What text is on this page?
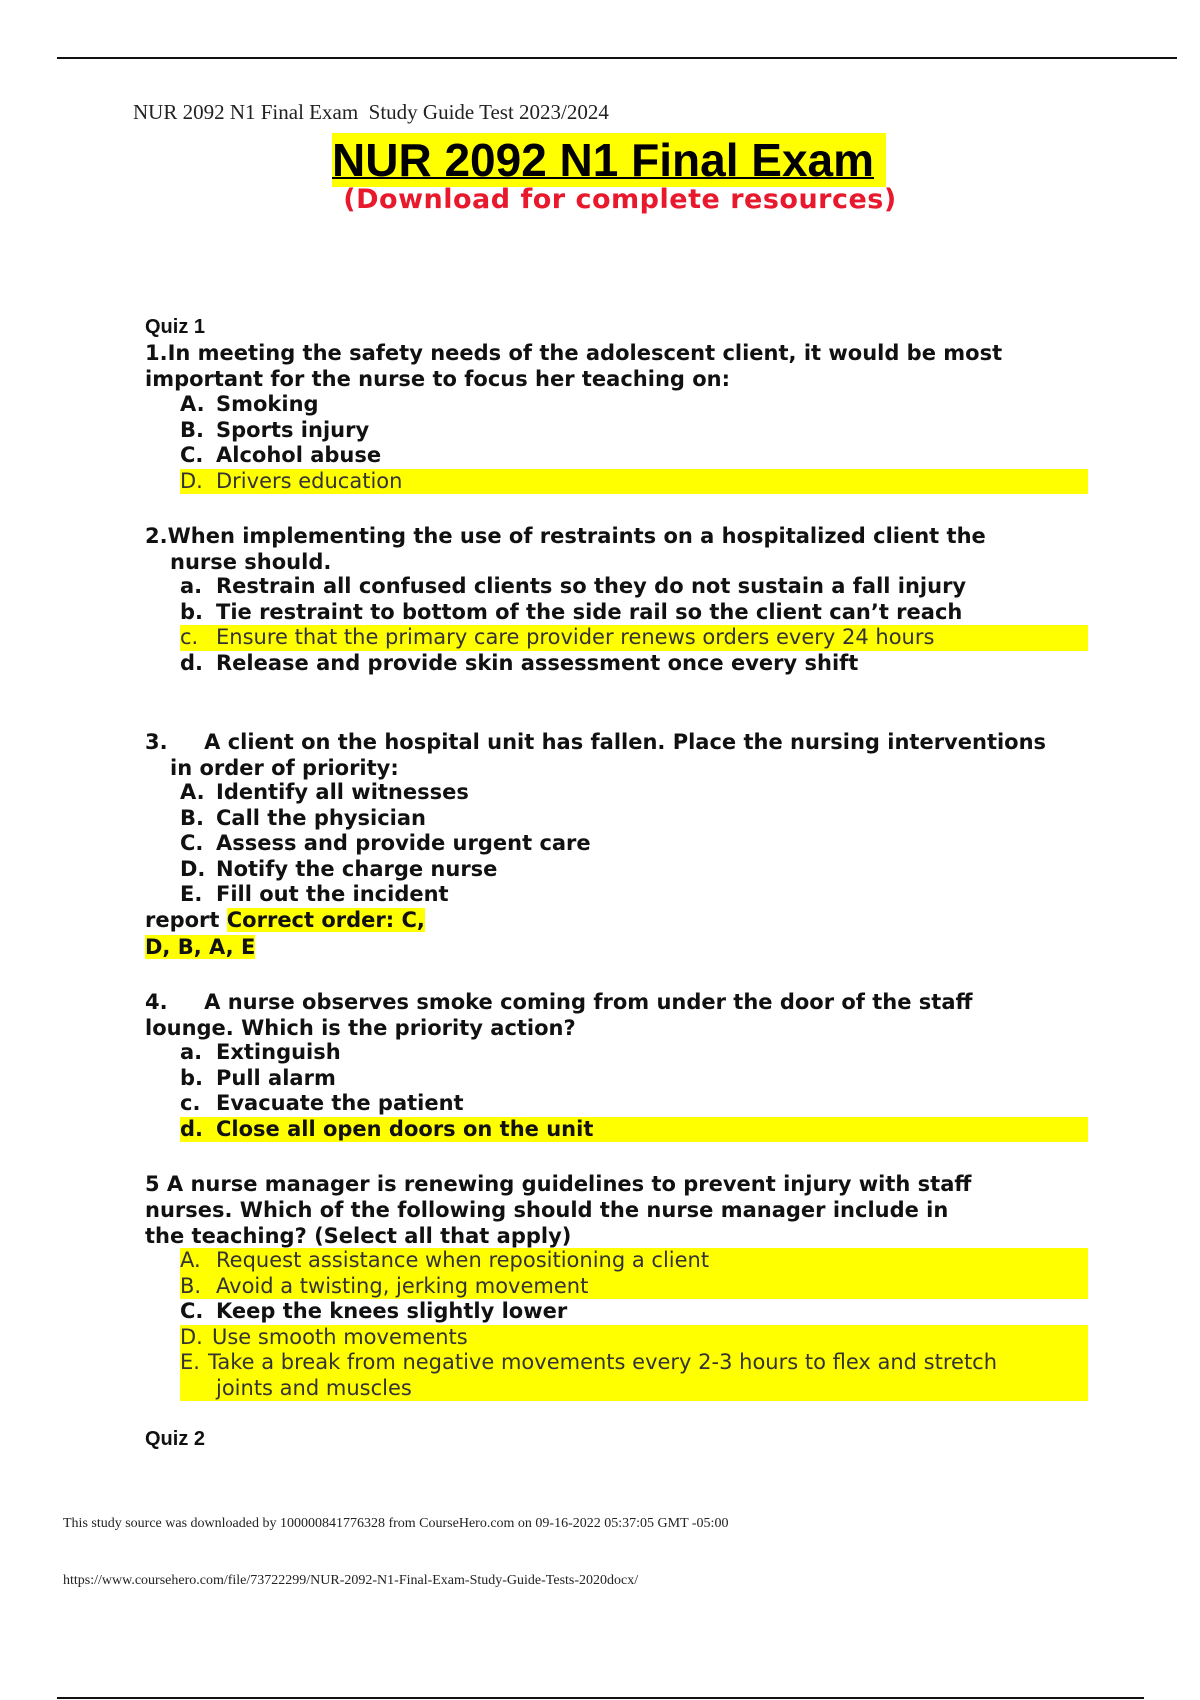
NUR 2092 N1 Final Exam  Study Guide Test 2023/2024
NUR 2092 N1 Final Exam
(Download for complete resources)
Quiz 1
1.In meeting the safety needs of the adolescent client, it would be most
important for the nurse to focus her teaching on:
A. Smoking
B. Sports injury
C. Alcohol abuse
D. Drivers education
2.When implementing the use of restraints on a hospitalized client the
nurse should.
a. Restrain all confused clients so they do not sustain a fall injury
b. Tie restraint to bottom of the side rail so the client can’t reach
c. Ensure that the primary care provider renews orders every 24 hours
d. Release and provide skin assessment once every shift
3.     A client on the hospital unit has fallen. Place the nursing interventions
in order of priority:
A. Identify all witnesses
B. Call the physician
C. Assess and provide urgent care
D. Notify the charge nurse
E. Fill out the incident
report Correct order: C,
D, B, A, E
4.     A nurse observes smoke coming from under the door of the staff
lounge. Which is the priority action?
a. Extinguish
b. Pull alarm
c. Evacuate the patient
d. Close all open doors on the unit
5 A nurse manager is renewing guidelines to prevent injury with staff
nurses. Which of the following should the nurse manager include in
the teaching? (Select all that apply)
A. Request assistance when repositioning a client
B. Avoid a twisting, jerking movement
C. Keep the knees slightly lower
D. Use smooth movements
E. Take a break from negative movements every 2-3 hours to flex and stretch
joints and muscles
Quiz 2
This study source was downloaded by 100000841776328 from CourseHero.com on 09-16-2022 05:37:05 GMT -05:00
https://www.coursehero.com/file/73722299/NUR-2092-N1-Final-Exam-Study-Guide-Tests-2020docx/
